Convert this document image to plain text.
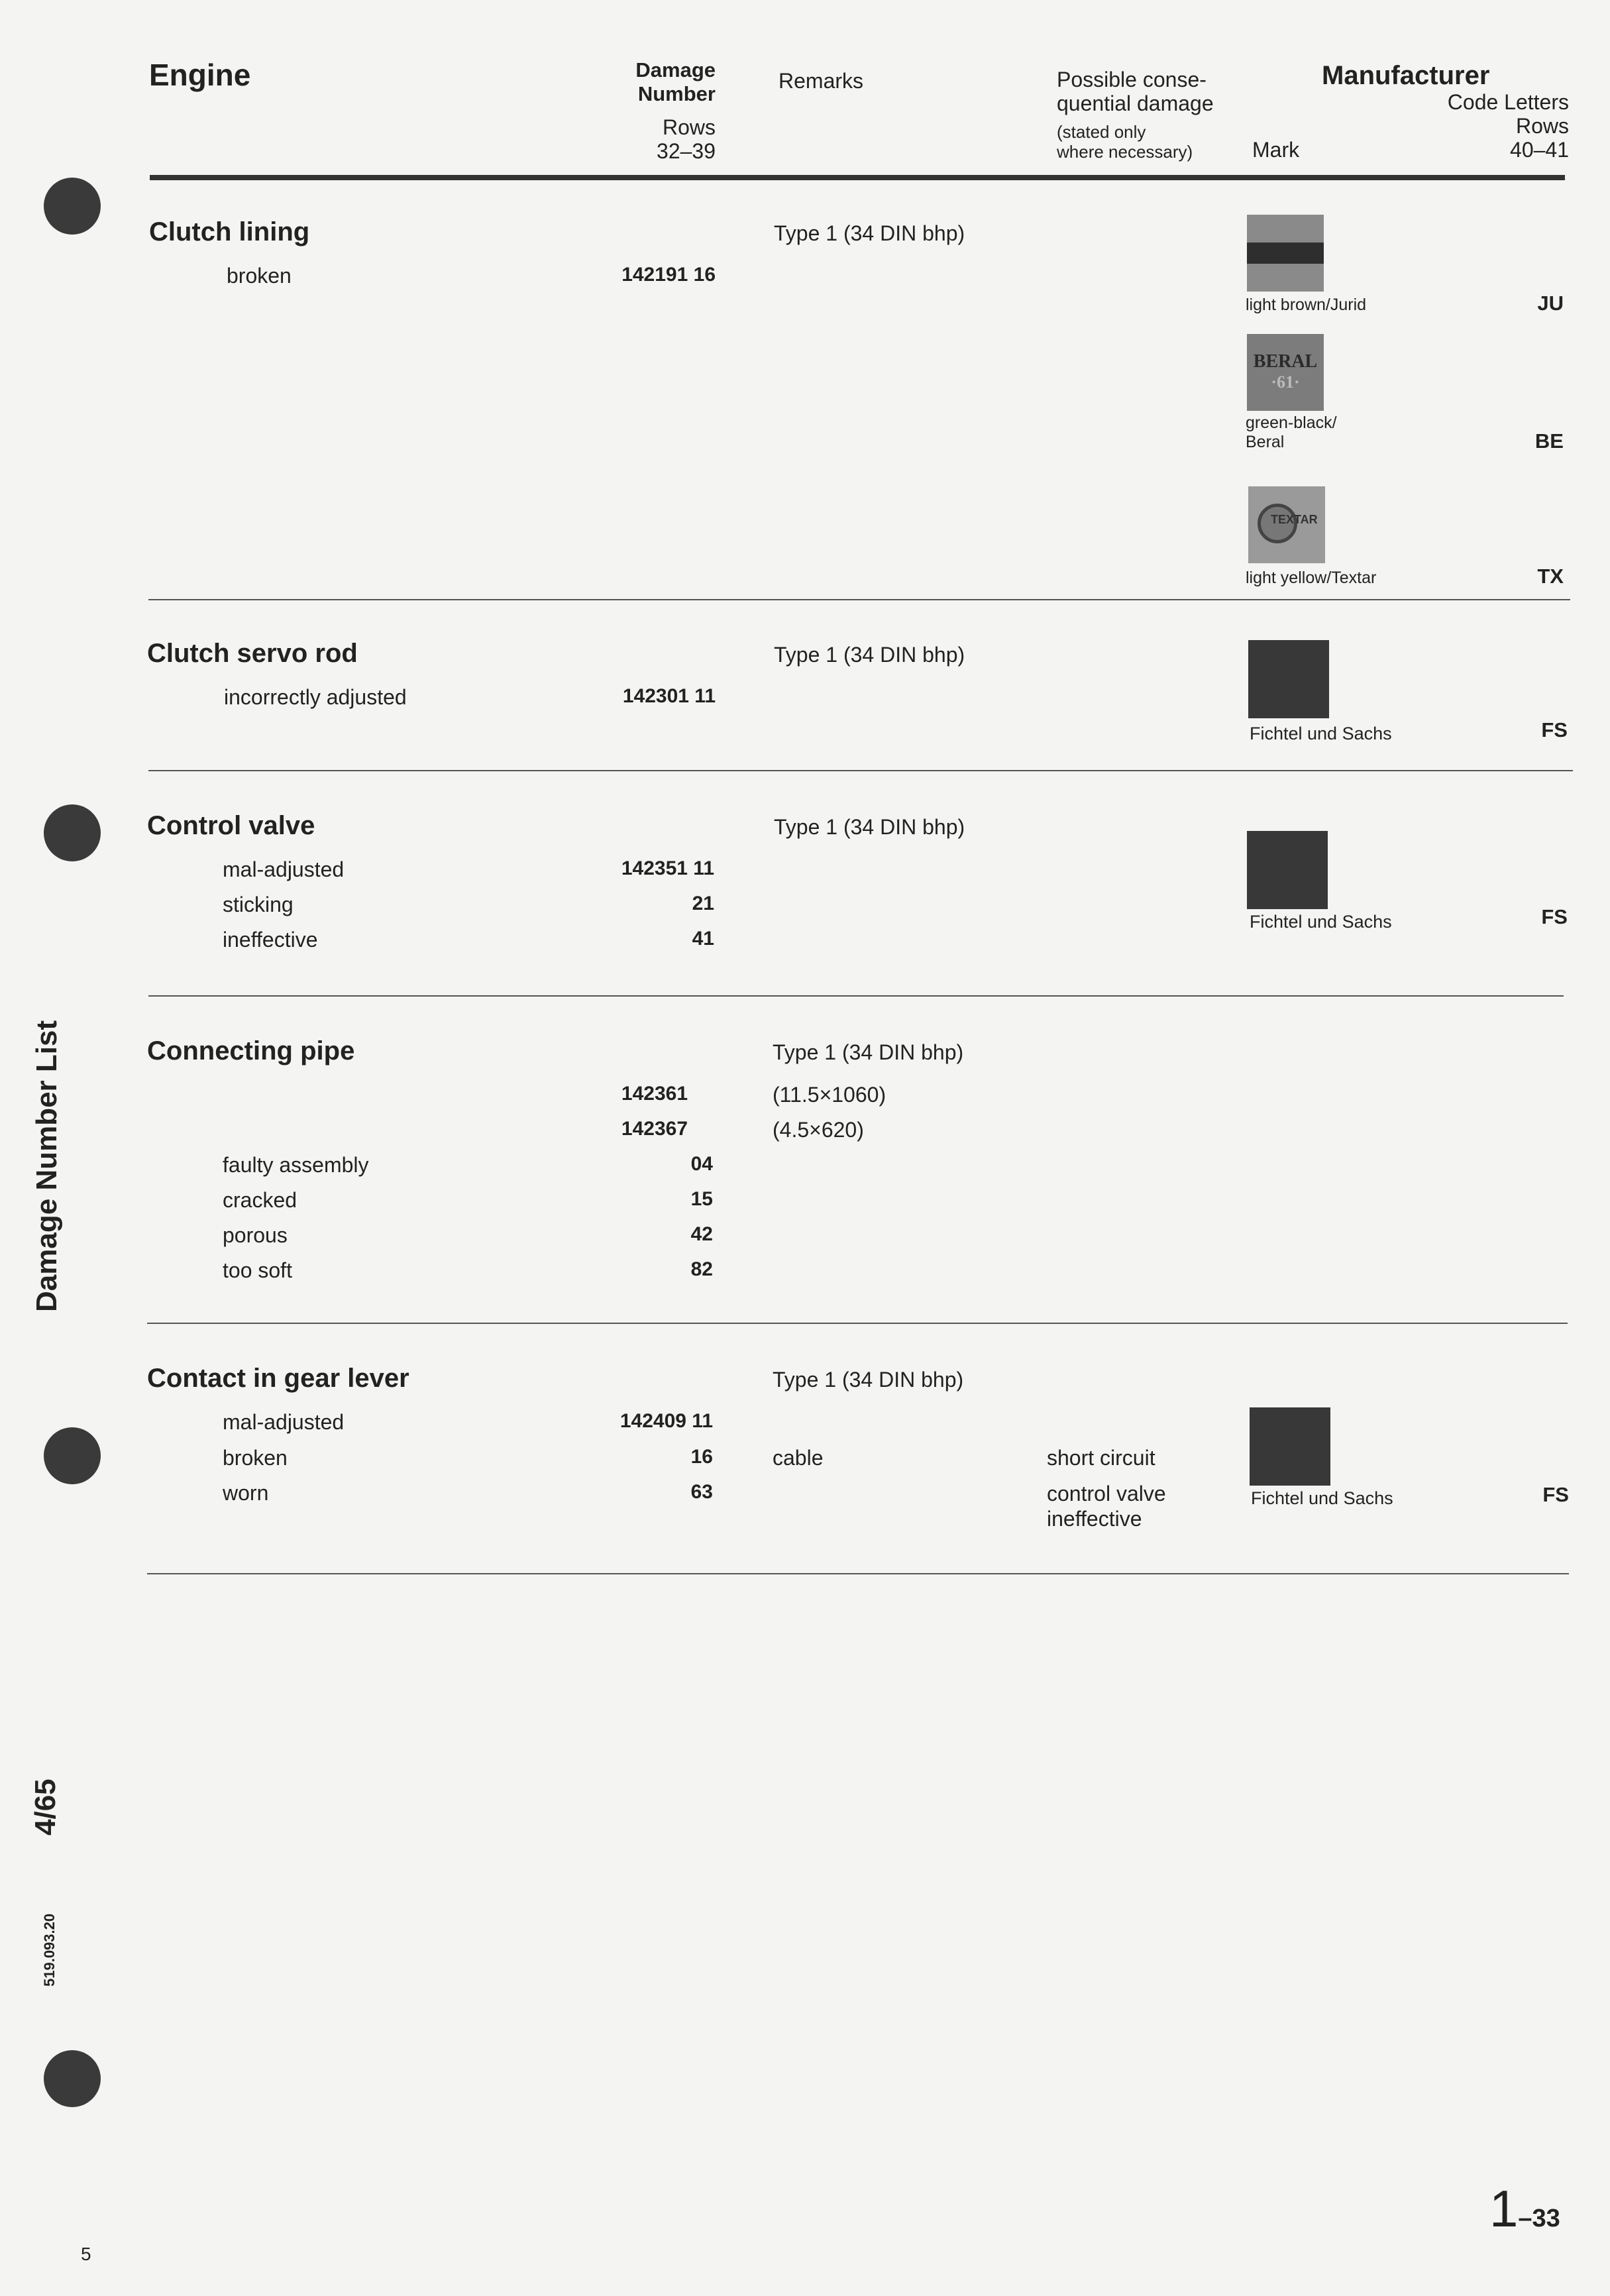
Damage Number List
4/65
519.093.20
Engine	Damage
Number
Rows
32–39
Remarks	Possible conse-
quential damage
(stated only
where necessary)	Mark
Manufacturer
Code Letters
Rows
40–41
Clutch lining	Type 1 (34 DIN bhp)
broken	142191 16
light brown/Jurid	JU
BERAL
·61·
green-black/
Beral	BE
TEXTAR
light yellow/Textar	TX
Clutch servo rod	Type 1 (34 DIN bhp)
incorrectly adjusted	142301 11
Fichtel und Sachs	FS
Control valve	Type 1 (34 DIN bhp)
mal-adjusted	142351 11
sticking	21
ineffective	41
Fichtel und Sachs	FS
Connecting pipe	Type 1 (34 DIN bhp)
142361	(11.5×1060)
142367	(4.5×620)
faulty assembly	04
cracked	15
porous	42
too soft	82
Contact in gear lever	Type 1 (34 DIN bhp)
mal-adjusted	142409 11
broken	16	cable	short circuit
worn	63	control valve
ineffective
Fichtel und Sachs	FS
5
1–33
